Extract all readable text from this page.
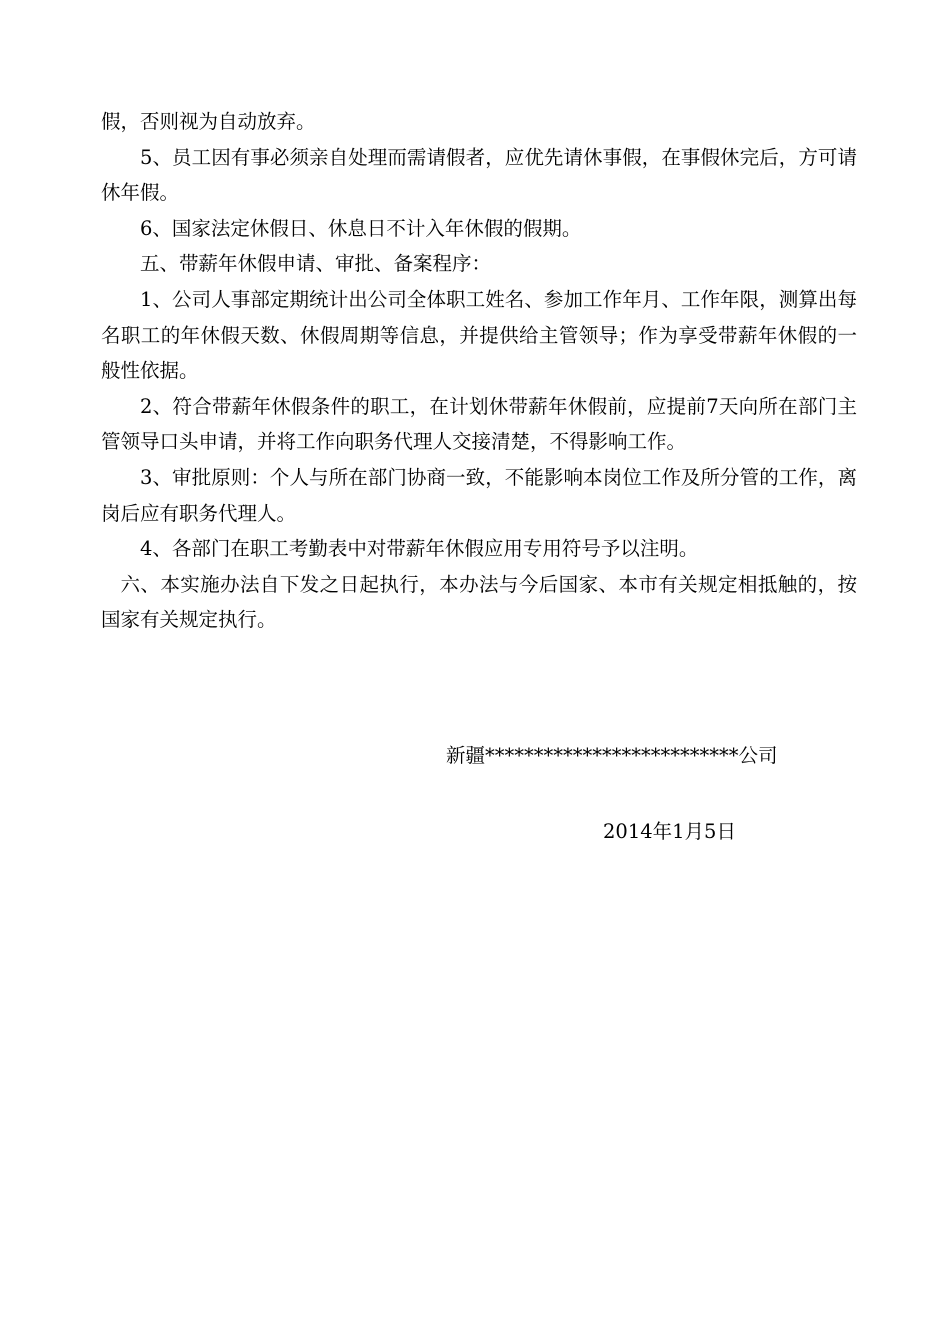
假，否则视为自动放弃。

5、员工因有事必须亲自处理而需请假者，应优先请休事假，在事假休完后，方可请休年假。

6、国家法定休假日、休息日不计入年休假的假期。

五、带薪年休假申请、审批、备案程序：

1、公司人事部定期统计出公司全体职工姓名、参加工作年月、工作年限，测算出每名职工的年休假天数、休假周期等信息，并提供给主管领导；作为享受带薪年休假的一般性依据。

2、符合带薪年休假条件的职工，在计划休带薪年休假前，应提前7天向所在部门主管领导口头申请，并将工作向职务代理人交接清楚，不得影响工作。

3、审批原则：个人与所在部门协商一致，不能影响本岗位工作及所分管的工作，离岗后应有职务代理人。

4、各部门在职工考勤表中对带薪年休假应用专用符号予以注明。

六、本实施办法自下发之日起执行，本办法与今后国家、本市有关规定相抵触的，按国家有关规定执行。

新疆**************************公司
2014年1月5日
